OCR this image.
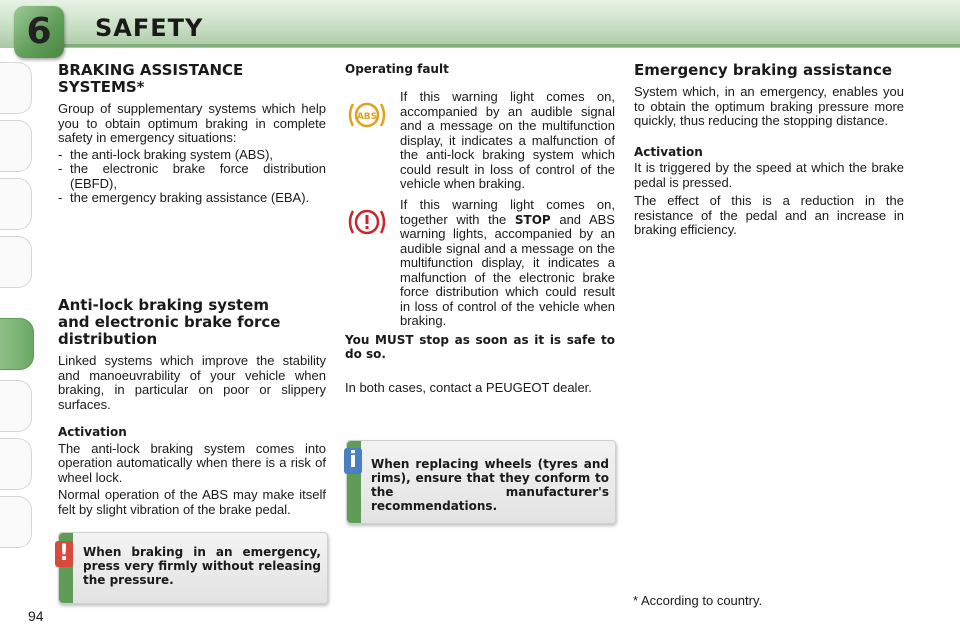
6	SAFETY
BRAKING ASSISTANCE SYSTEMS*
Group of supplementary systems which help you to obtain optimum braking in complete safety in emergency situations:
- the anti-lock braking system (ABS),
- the electronic brake force distribution (EBFD),
- the emergency braking assistance (EBA).
Anti-lock braking system and electronic brake force distribution
Linked systems which improve the stability and manoeuvrability of your vehicle when braking, in particular on poor or slippery surfaces.
Activation
The anti-lock braking system comes into operation automatically when there is a risk of wheel lock.
Normal operation of the ABS may make itself felt by slight vibration of the brake pedal.
When braking in an emergency, press very firmly without releasing the pressure.
!
Operating fault
ABS
If this warning light comes on, accompanied by an audible signal and a message on the multifunction display, it indicates a malfunction of the anti-lock braking system which could result in loss of control of the vehicle when braking.
If this warning light comes on, together with the STOP and ABS warning lights, accompanied by an audible signal and a message on the multifunction display, it indicates a malfunction of the electronic brake force distribution which could result in loss of control of the vehicle when braking.
You MUST stop as soon as it is safe to do so.
In both cases, contact a PEUGEOT dealer.
When replacing wheels (tyres and rims), ensure that they conform to the manufacturer's recommendations.
i
Emergency braking assistance
System which, in an emergency, enables you to obtain the optimum braking pressure more quickly, thus reducing the stopping distance.
Activation
It is triggered by the speed at which the brake pedal is pressed.
The effect of this is a reduction in the resistance of the pedal and an increase in braking efficiency.
* According to country.
94
